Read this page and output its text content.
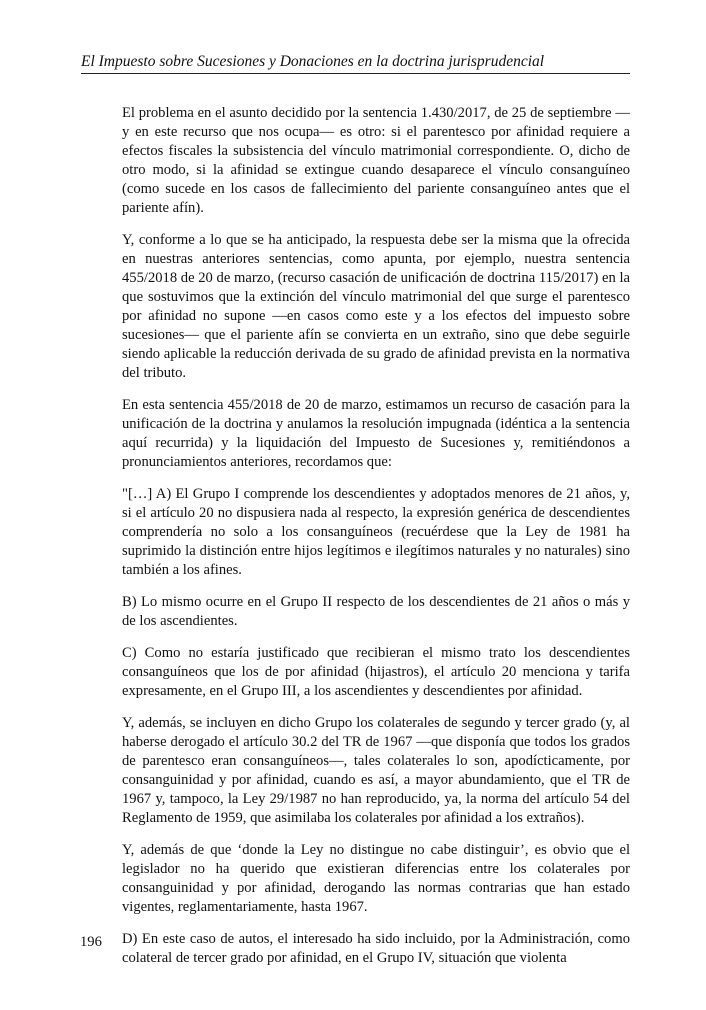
El Impuesto sobre Sucesiones y Donaciones en la doctrina jurisprudencial

El problema en el asunto decidido por la sentencia 1.430/2017, de 25 de septiembre —y en este recurso que nos ocupa— es otro: si el parentesco por afinidad requiere a efectos fiscales la subsistencia del vínculo matrimonial correspondiente. O, dicho de otro modo, si la afinidad se extingue cuando desaparece el vínculo consanguíneo (como sucede en los casos de fallecimiento del pariente consanguíneo antes que el pariente afín).

Y, conforme a lo que se ha anticipado, la respuesta debe ser la misma que la ofrecida en nuestras anteriores sentencias, como apunta, por ejemplo, nuestra sentencia 455/2018 de 20 de marzo, (recurso casación de unificación de doctrina 115/2017) en la que sostuvimos que la extinción del vínculo matrimonial del que surge el parentesco por afinidad no supone —en casos como este y a los efectos del impuesto sobre sucesiones— que el pariente afín se convierta en un extraño, sino que debe seguirle siendo aplicable la reducción derivada de su grado de afinidad prevista en la normativa del tributo.

En esta sentencia 455/2018 de 20 de marzo, estimamos un recurso de casación para la unificación de la doctrina y anulamos la resolución impugnada (idéntica a la sentencia aquí recurrida) y la liquidación del Impuesto de Sucesiones y, remitiéndonos a pronunciamientos anteriores, recordamos que:

"[…] A) El Grupo I comprende los descendientes y adoptados menores de 21 años, y, si el artículo 20 no dispusiera nada al respecto, la expresión genérica de descendientes comprendería no solo a los consanguíneos (recuérdese que la Ley de 1981 ha suprimido la distinción entre hijos legítimos e ilegítimos naturales y no naturales) sino también a los afines.

B) Lo mismo ocurre en el Grupo II respecto de los descendientes de 21 años o más y de los ascendientes.

C) Como no estaría justificado que recibieran el mismo trato los descendientes consanguíneos que los de por afinidad (hijastros), el artículo 20 menciona y tarifa expresamente, en el Grupo III, a los ascendientes y descendientes por afinidad.

Y, además, se incluyen en dicho Grupo los colaterales de segundo y tercer grado (y, al haberse derogado el artículo 30.2 del TR de 1967 —que disponía que todos los grados de parentesco eran consanguíneos—, tales colaterales lo son, apodícticamente, por consanguinidad y por afinidad, cuando es así, a mayor abundamiento, que el TR de 1967 y, tampoco, la Ley 29/1987 no han reproducido, ya, la norma del artículo 54 del Reglamento de 1959, que asimilaba los colaterales por afinidad a los extraños).

Y, además de que ‘donde la Ley no distingue no cabe distinguir’, es obvio que el legislador no ha querido que existieran diferencias entre los colaterales por consanguinidad y por afinidad, derogando las normas contrarias que han estado vigentes, reglamentariamente, hasta 1967.

D) En este caso de autos, el interesado ha sido incluido, por la Administración, como colateral de tercer grado por afinidad, en el Grupo IV, situación que violenta

196
